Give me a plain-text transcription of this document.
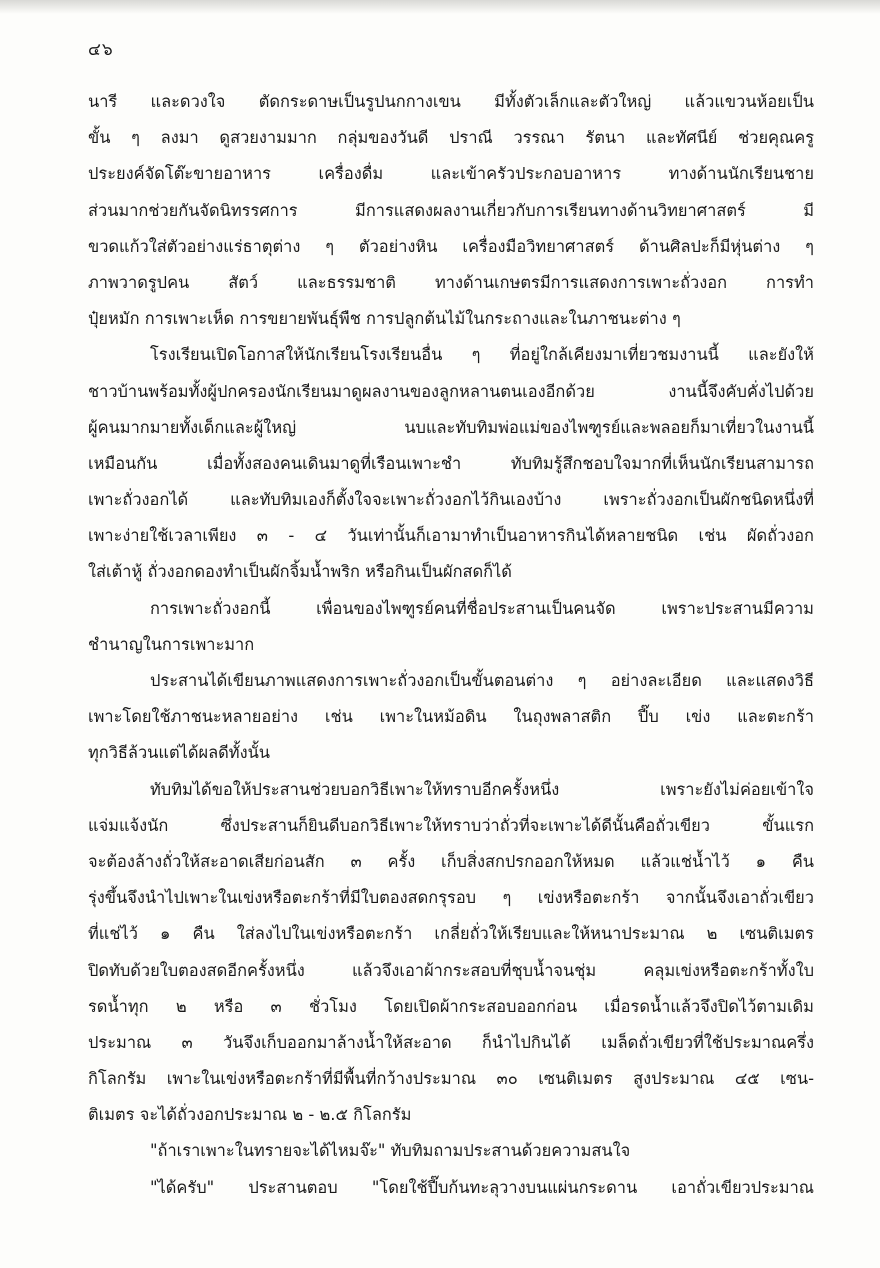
๔๖
นารี และดวงใจ ตัดกระดาษเป็นรูปนกกางเขน มีทั้งตัวเล็กและตัวใหญ่ แล้วแขวนห้อยเป็น
ขั้น ๆ ลงมา ดูสวยงามมาก กลุ่มของวันดี ปราณี วรรณา รัตนา และทัศนีย์ ช่วยคุณครู
ประยงค์จัดโต๊ะขายอาหาร เครื่องดื่ม และเข้าครัวประกอบอาหาร ทางด้านนักเรียนชาย
ส่วนมากช่วยกันจัดนิทรรศการ มีการแสดงผลงานเกี่ยวกับการเรียนทางด้านวิทยาศาสตร์ มี
ขวดแก้วใส่ตัวอย่างแร่ธาตุต่าง ๆ ตัวอย่างหิน เครื่องมือวิทยาศาสตร์ ด้านศิลปะก็มีหุ่นต่าง ๆ
ภาพวาดรูปคน สัตว์ และธรรมชาติ ทางด้านเกษตรมีการแสดงการเพาะถั่วงอก การทำ
ปุ๋ยหมัก การเพาะเห็ด การขยายพันธุ์พืช การปลูกต้นไม้ในกระถางและในภาชนะต่าง ๆ
โรงเรียนเปิดโอกาสให้นักเรียนโรงเรียนอื่น ๆ ที่อยู่ใกล้เคียงมาเที่ยวชมงานนี้ และยังให้
ชาวบ้านพร้อมทั้งผู้ปกครองนักเรียนมาดูผลงานของลูกหลานตนเองอีกด้วย งานนี้จึงคับคั่งไปด้วย
ผู้คนมากมายทั้งเด็กและผู้ใหญ่ นบและทับทิมพ่อแม่ของไพฑูรย์และพลอยก็มาเที่ยวในงานนี้
เหมือนกัน เมื่อทั้งสองคนเดินมาดูที่เรือนเพาะชำ ทับทิมรู้สึกชอบใจมากที่เห็นนักเรียนสามารถ
เพาะถั่วงอกได้ และทับทิมเองก็ตั้งใจจะเพาะถั่วงอกไว้กินเองบ้าง เพราะถั่วงอกเป็นผักชนิดหนึ่งที่
เพาะง่ายใช้เวลาเพียง ๓ - ๔ วันเท่านั้นก็เอามาทำเป็นอาหารกินได้หลายชนิด เช่น ผัดถั่วงอก
ใส่เต้าหู้ ถั่วงอกดองทำเป็นผักจิ้มน้ำพริก หรือกินเป็นผักสดก็ได้
การเพาะถั่วงอกนี้ เพื่อนของไพฑูรย์คนที่ชื่อประสานเป็นคนจัด เพราะประสานมีความ
ชำนาญในการเพาะมาก
ประสานได้เขียนภาพแสดงการเพาะถั่วงอกเป็นขั้นตอนต่าง ๆ อย่างละเอียด และแสดงวิธี
เพาะโดยใช้ภาชนะหลายอย่าง เช่น เพาะในหม้อดิน ในถุงพลาสติก ปี๊บ เข่ง และตะกร้า
ทุกวิธีล้วนแต่ได้ผลดีทั้งนั้น
ทับทิมได้ขอให้ประสานช่วยบอกวิธีเพาะให้ทราบอีกครั้งหนึ่ง เพราะยังไม่ค่อยเข้าใจ
แจ่มแจ้งนัก ซึ่งประสานก็ยินดีบอกวิธีเพาะให้ทราบว่าถั่วที่จะเพาะได้ดีนั้นคือถั่วเขียว ขั้นแรก
จะต้องล้างถั่วให้สะอาดเสียก่อนสัก ๓ ครั้ง เก็บสิ่งสกปรกออกให้หมด แล้วแช่น้ำไว้ ๑ คืน
รุ่งขึ้นจึงนำไปเพาะในเข่งหรือตะกร้าที่มีใบตองสดกรุรอบ ๆ เข่งหรือตะกร้า จากนั้นจึงเอาถั่วเขียว
ที่แช่ไว้ ๑ คืน ใส่ลงไปในเข่งหรือตะกร้า เกลี่ยถั่วให้เรียบและให้หนาประมาณ ๒ เซนติเมตร
ปิดทับด้วยใบตองสดอีกครั้งหนึ่ง แล้วจึงเอาผ้ากระสอบที่ชุบน้ำจนชุ่ม คลุมเข่งหรือตะกร้าทั้งใบ
รดน้ำทุก ๒ หรือ ๓ ชั่วโมง โดยเปิดผ้ากระสอบออกก่อน เมื่อรดน้ำแล้วจึงปิดไว้ตามเดิม
ประมาณ ๓ วันจึงเก็บออกมาล้างน้ำให้สะอาด ก็นำไปกินได้ เมล็ดถั่วเขียวที่ใช้ประมาณครึ่ง
กิโลกรัม เพาะในเข่งหรือตะกร้าที่มีพื้นที่กว้างประมาณ ๓๐ เซนติเมตร สูงประมาณ ๔๕ เซน-
ติเมตร จะได้ถั่วงอกประมาณ ๒ - ๒.๕ กิโลกรัม
"ถ้าเราเพาะในทรายจะได้ไหมจ๊ะ" ทับทิมถามประสานด้วยความสนใจ
"ได้ครับ" ประสานตอบ "โดยใช้ปี๊บก้นทะลุวางบนแผ่นกระดาน เอาถั่วเขียวประมาณ
